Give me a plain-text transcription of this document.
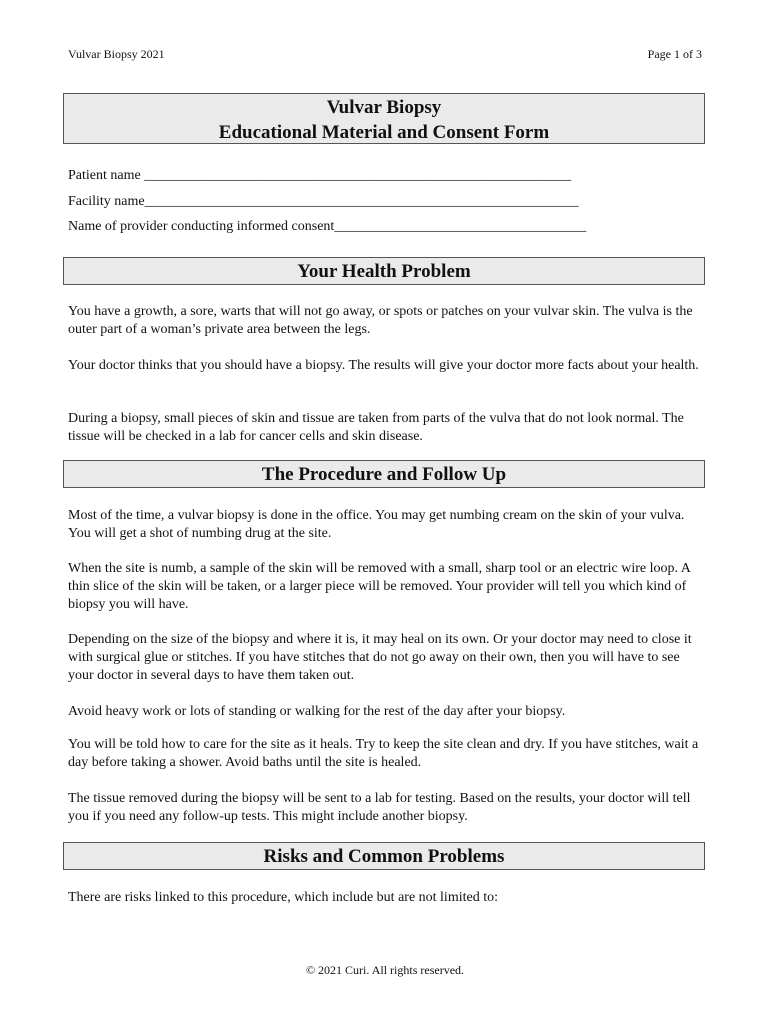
Vulvar Biopsy 2021	Page 1 of 3
Vulvar Biopsy
Educational Material and Consent Form
Patient name _____________________________________________________________
Facility name______________________________________________________________
Name of provider conducting informed consent____________________________________
Your Health Problem

You have a growth, a sore, warts that will not go away, or spots or patches on your vulvar skin. The vulva is the outer part of a woman’s private area between the legs.

Your doctor thinks that you should have a biopsy. The results will give your doctor more facts about your health.

During a biopsy, small pieces of skin and tissue are taken from parts of the vulva that do not look normal. The tissue will be checked in a lab for cancer cells and skin disease.

The Procedure and Follow Up

Most of the time, a vulvar biopsy is done in the office. You may get numbing cream on the skin of your vulva. You will get a shot of numbing drug at the site.

When the site is numb, a sample of the skin will be removed with a small, sharp tool or an electric wire loop. A thin slice of the skin will be taken, or a larger piece will be removed. Your provider will tell you which kind of biopsy you will have.

Depending on the size of the biopsy and where it is, it may heal on its own. Or your doctor may need to close it with surgical glue or stitches. If you have stitches that do not go away on their own, then you will have to see your doctor in several days to have them taken out.

Avoid heavy work or lots of standing or walking for the rest of the day after your biopsy.

You will be told how to care for the site as it heals. Try to keep the site clean and dry. If you have stitches, wait a day before taking a shower. Avoid baths until the site is healed.

The tissue removed during the biopsy will be sent to a lab for testing. Based on the results, your doctor will tell you if you need any follow-up tests. This might include another biopsy.

Risks and Common Problems

There are risks linked to this procedure, which include but are not limited to:

© 2021 Curi. All rights reserved.
